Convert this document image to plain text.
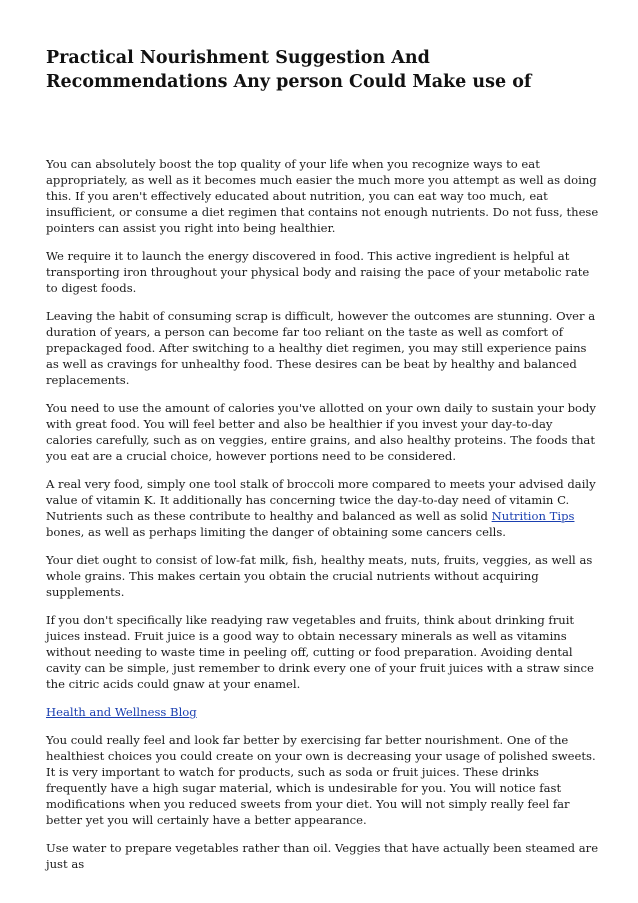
Practical Nourishment Suggestion And Recommendations Any person Could Make use of

You can absolutely boost the top quality of your life when you recognize ways to eat appropriately, as well as it becomes much easier the much more you attempt as well as doing this. If you aren't effectively educated about nutrition, you can eat way too much, eat insufficient, or consume a diet regimen that contains not enough nutrients. Do not fuss, these pointers can assist you right into being healthier.

We require it to launch the energy discovered in food. This active ingredient is helpful at transporting iron throughout your physical body and raising the pace of your metabolic rate to digest foods.

Leaving the habit of consuming scrap is difficult, however the outcomes are stunning. Over a duration of years, a person can become far too reliant on the taste as well as comfort of prepackaged food. After switching to a healthy diet regimen, you may still experience pains as well as cravings for unhealthy food. These desires can be beat by healthy and balanced replacements.

You need to use the amount of calories you've allotted on your own daily to sustain your body with great food. You will feel better and also be healthier if you invest your day-to-day calories carefully, such as on veggies, entire grains, and also healthy proteins. The foods that you eat are a crucial choice, however portions need to be considered.

A real very food, simply one tool stalk of broccoli more compared to meets your advised daily value of vitamin K. It additionally has concerning twice the day-to-day need of vitamin C. Nutrients such as these contribute to healthy and balanced as well as solid Nutrition Tips bones, as well as perhaps limiting the danger of obtaining some cancers cells.

Your diet ought to consist of low-fat milk, fish, healthy meats, nuts, fruits, veggies, as well as whole grains. This makes certain you obtain the crucial nutrients without acquiring supplements.

If you don't specifically like readying raw vegetables and fruits, think about drinking fruit juices instead. Fruit juice is a good way to obtain necessary minerals as well as vitamins without needing to waste time in peeling off, cutting or food preparation. Avoiding dental cavity can be simple, just remember to drink every one of your fruit juices with a straw since the citric acids could gnaw at your enamel.

Health and Wellness Blog

You could really feel and look far better by exercising far better nourishment. One of the healthiest choices you could create on your own is decreasing your usage of polished sweets. It is very important to watch for products, such as soda or fruit juices. These drinks frequently have a high sugar material, which is undesirable for you. You will notice fast modifications when you reduced sweets from your diet. You will not simply really feel far better yet you will certainly have a better appearance.

Use water to prepare vegetables rather than oil. Veggies that have actually been steamed are just as
